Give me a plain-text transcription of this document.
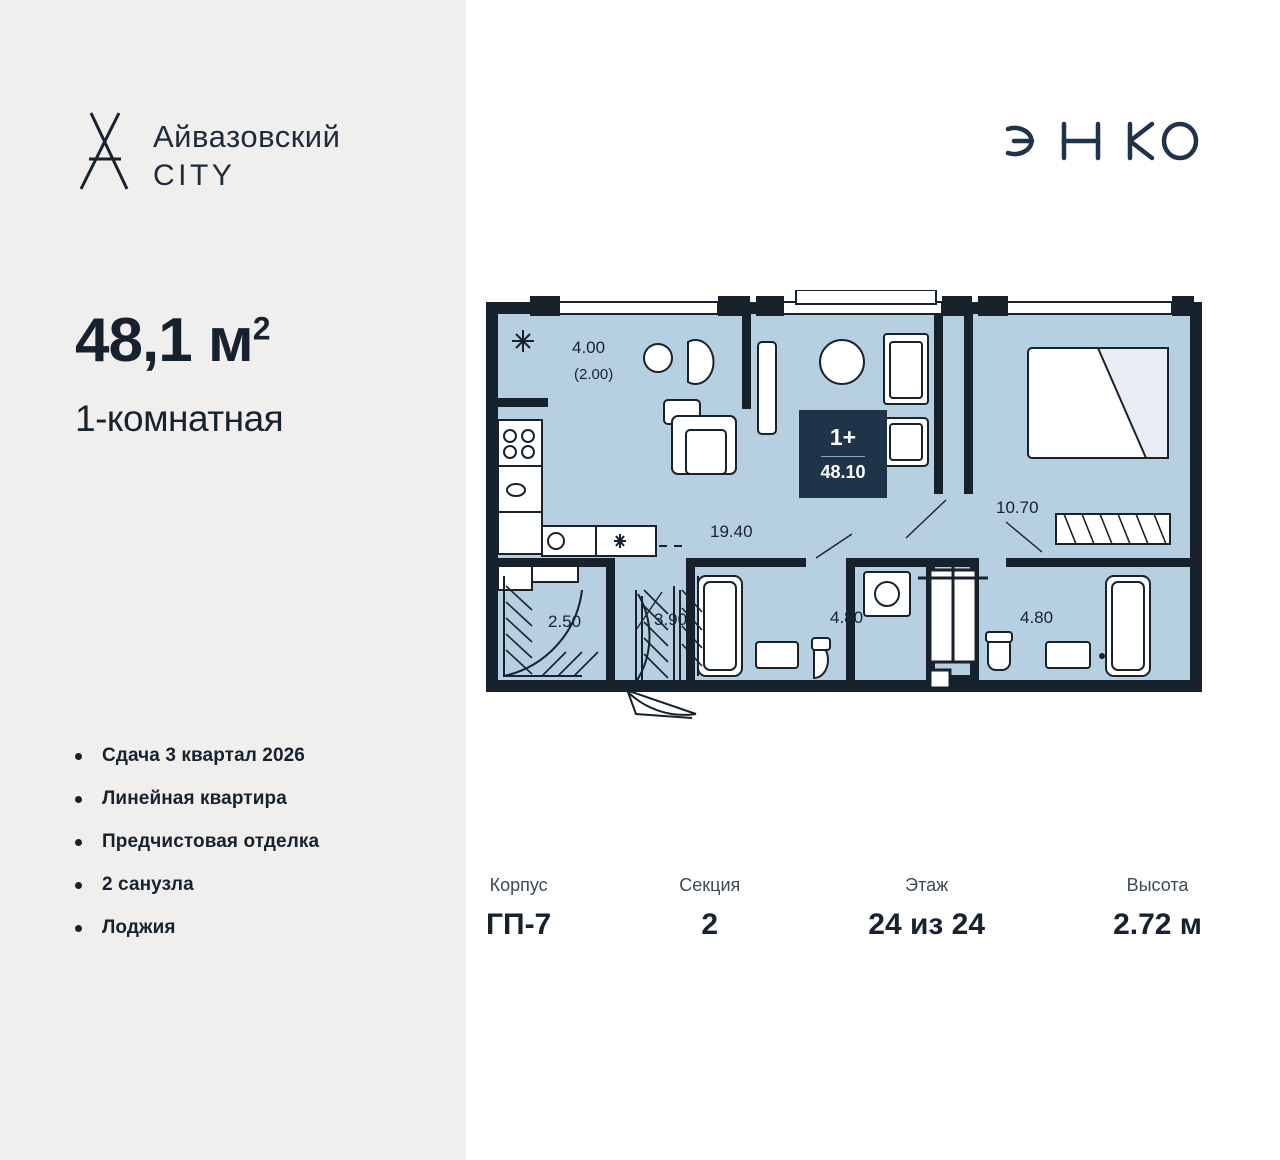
Айвазовский
CITY
48,1 $м^2$
1-комнатная
Сдача 3 квартал 2026
Линейная квартира
Предчистовая отделка
2 санузла
Лоджия
4.00
(2.00)
19.40
10.70
4.80	4.80
3.90
2.50
1+
48.10
Корпус
ГП-7
Секция
2
Этаж
24 из 24
Высота
2.72 м
